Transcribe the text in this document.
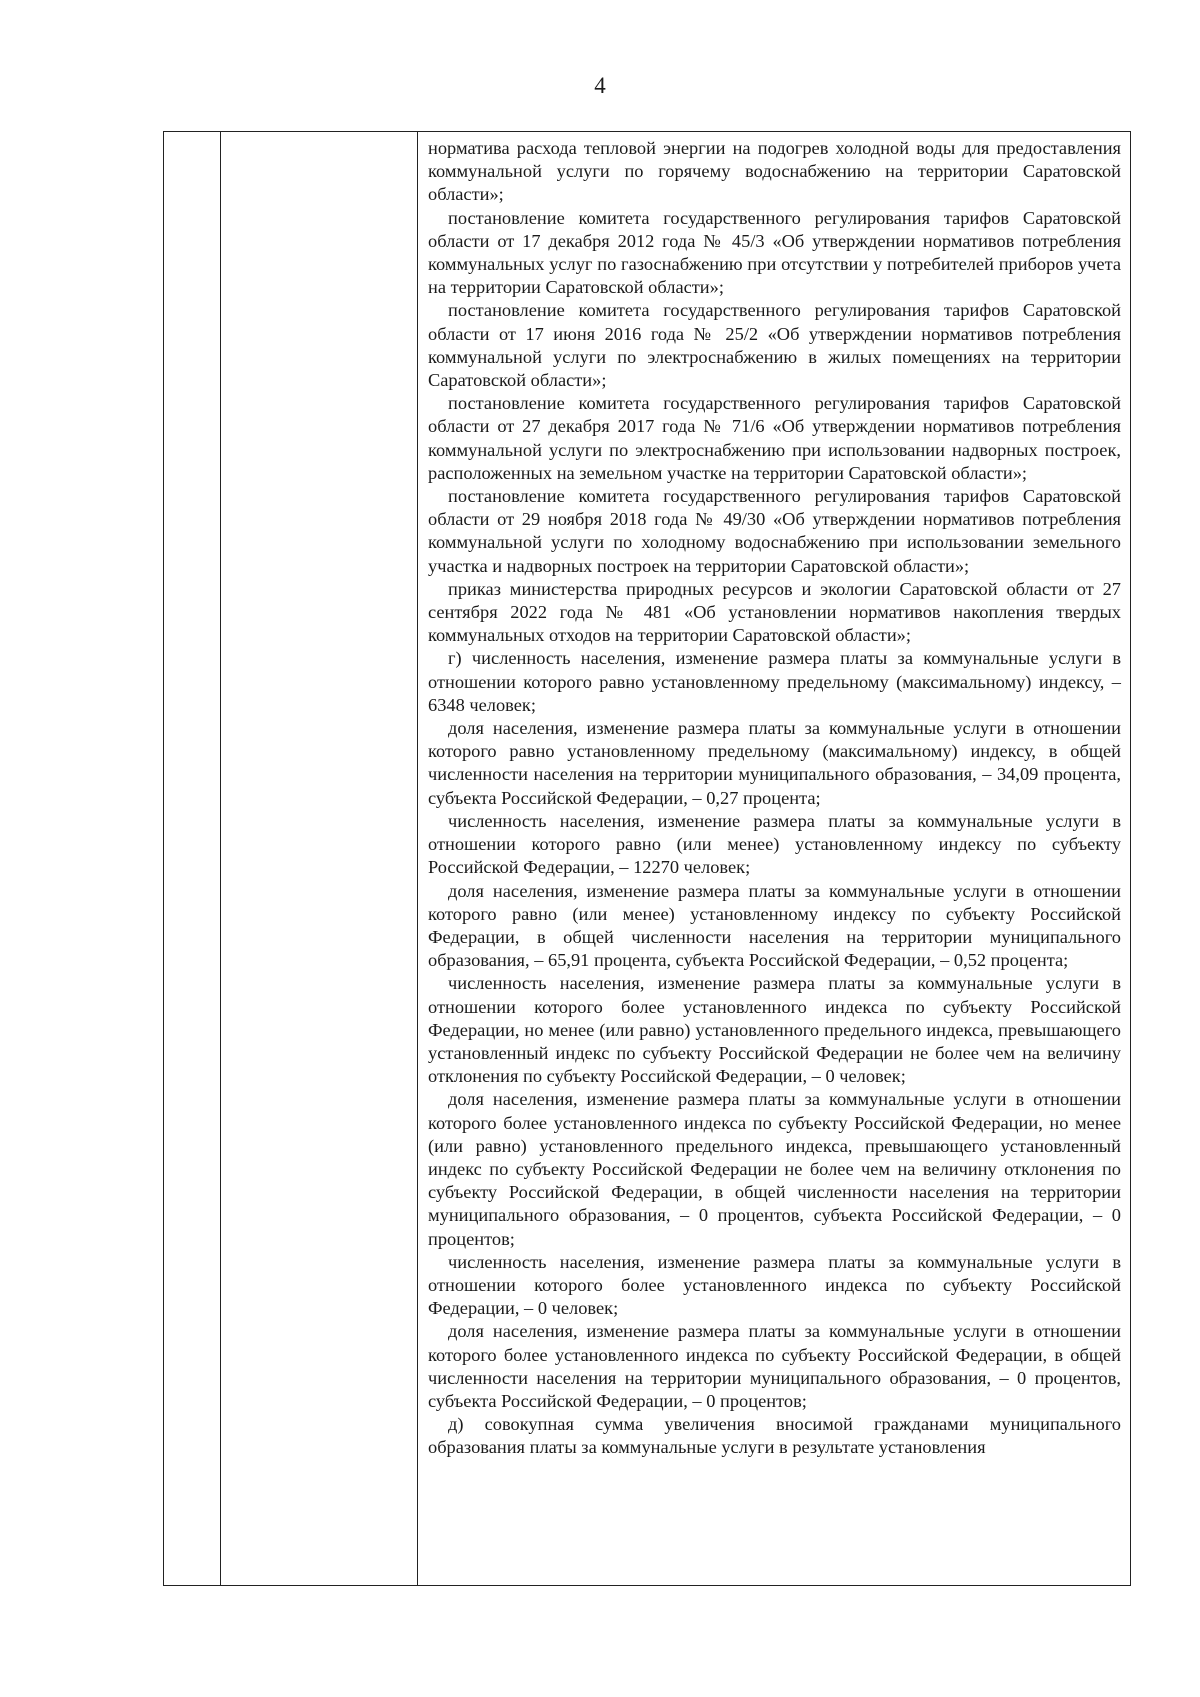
4

норматива расхода тепловой энергии на подогрев холодной воды для предоставления коммунальной услуги по горячему водоснабжению на территории Саратовской области»;

постановление комитета государственного регулирования тарифов Саратовской области от 17 декабря 2012 года № 45/3 «Об утверждении нормативов потребления коммунальных услуг по газоснабжению при отсутствии у потребителей приборов учета на территории Саратовской области»;

постановление комитета государственного регулирования тарифов Саратовской области от 17 июня 2016 года № 25/2 «Об утверждении нормативов потребления коммунальной услуги по электроснабжению в жилых помещениях на территории Саратовской области»;

постановление комитета государственного регулирования тарифов Саратовской области от 27 декабря 2017 года № 71/6 «Об утверждении нормативов потребления коммунальной услуги по электроснабжению при использовании надворных построек, расположенных на земельном участке на территории Саратовской области»;

постановление комитета государственного регулирования тарифов Саратовской области от 29 ноября 2018 года № 49/30 «Об утверждении нормативов потребления коммунальной услуги по холодному водоснабжению при использовании земельного участка и надворных построек на территории Саратовской области»;

приказ министерства природных ресурсов и экологии Саратовской области от 27 сентября 2022 года № 481 «Об установлении нормативов накопления твердых коммунальных отходов на территории Саратовской области»;

г) численность населения, изменение размера платы за коммунальные услуги в отношении которого равно установленному предельному (максимальному) индексу, – 6348 человек;

доля населения, изменение размера платы за коммунальные услуги в отношении которого равно установленному предельному (максимальному) индексу, в общей численности населения на территории муниципального образования, – 34,09 процента, субъекта Российской Федерации, – 0,27 процента;

численность населения, изменение размера платы за коммунальные услуги в отношении которого равно (или менее) установленному индексу по субъекту Российской Федерации, – 12270 человек;

доля населения, изменение размера платы за коммунальные услуги в отношении которого равно (или менее) установленному индексу по субъекту Российской Федерации, в общей численности населения на территории муниципального образования, – 65,91 процента, субъекта Российской Федерации, – 0,52 процента;

численность населения, изменение размера платы за коммунальные услуги в отношении которого более установленного индекса по субъекту Российской Федерации, но менее (или равно) установленного предельного индекса, превышающего установленный индекс по субъекту Российской Федерации не более чем на величину отклонения по субъекту Российской Федерации, – 0 человек;

доля населения, изменение размера платы за коммунальные услуги в отношении которого более установленного индекса по субъекту Российской Федерации, но менее (или равно) установленного предельного индекса, превышающего установленный индекс по субъекту Российской Федерации не более чем на величину отклонения по субъекту Российской Федерации, в общей численности населения на территории муниципального образования, – 0 процентов, субъекта Российской Федерации, – 0 процентов;

численность населения, изменение размера платы за коммунальные услуги в отношении которого более установленного индекса по субъекту Российской Федерации, – 0 человек;

доля населения, изменение размера платы за коммунальные услуги в отношении которого более установленного индекса по субъекту Российской Федерации, в общей численности населения на территории муниципального образования, – 0 процентов, субъекта Российской Федерации, – 0 процентов;

д) совокупная сумма увеличения вносимой гражданами муниципального образования платы за коммунальные услуги в результате установления
